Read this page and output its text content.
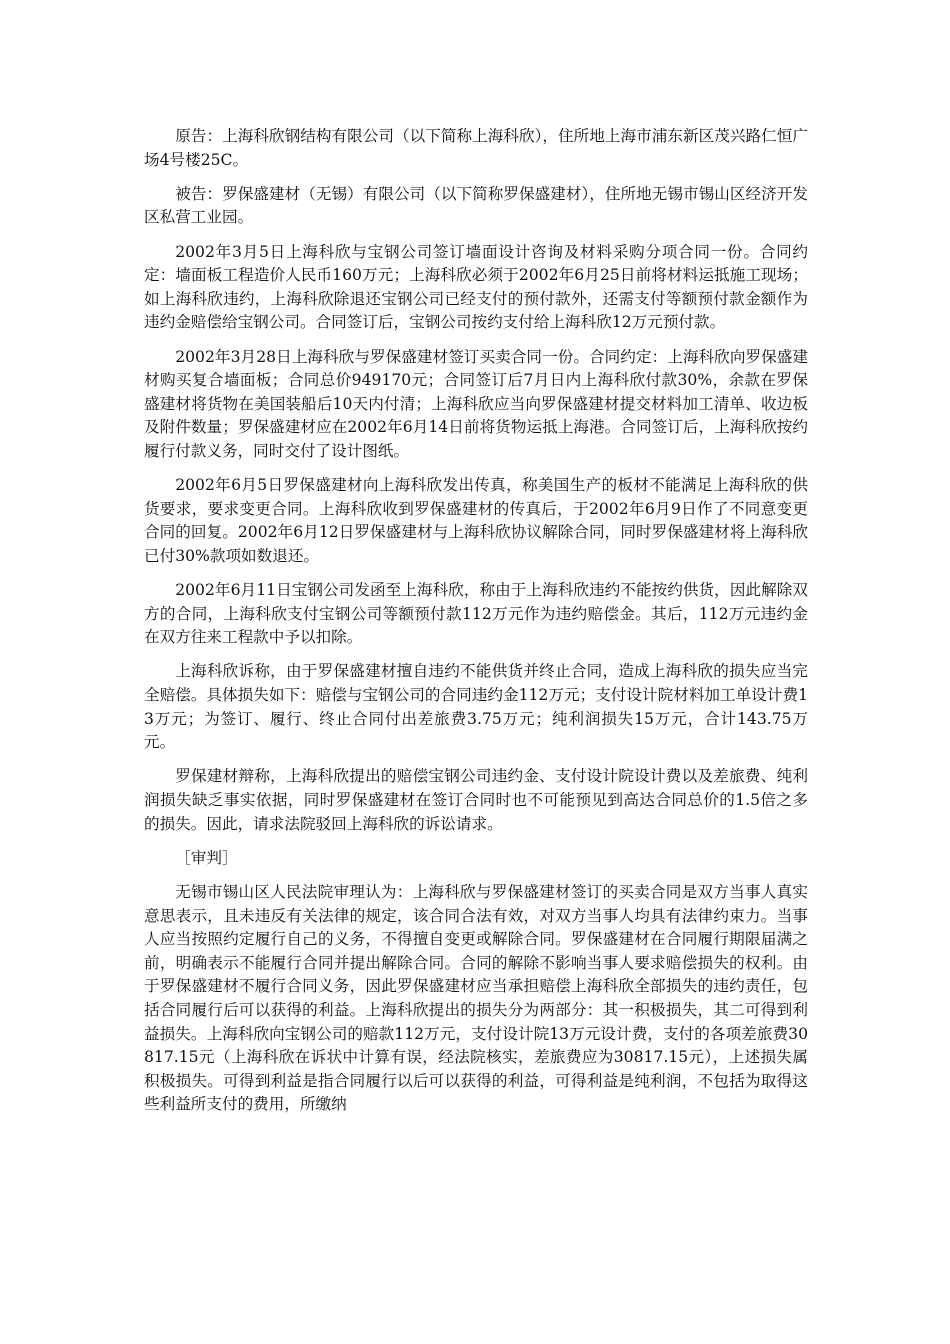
原告：上海科欣钢结构有限公司（以下简称上海科欣），住所地上海市浦东新区茂兴路仁恒广场4号楼25C。

被告：罗保盛建材（无锡）有限公司（以下简称罗保盛建材），住所地无锡市锡山区经济开发区私营工业园。

2002年3月5日上海科欣与宝钢公司签订墙面设计咨询及材料采购分项合同一份。合同约定：墙面板工程造价人民币160万元；上海科欣必须于2002年6月25日前将材料运抵施工现场；如上海科欣违约，上海科欣除退还宝钢公司已经支付的预付款外，还需支付等额预付款金额作为违约金赔偿给宝钢公司。合同签订后，宝钢公司按约支付给上海科欣12万元预付款。

2002年3月28日上海科欣与罗保盛建材签订买卖合同一份。合同约定：上海科欣向罗保盛建材购买复合墙面板；合同总价949170元；合同签订后7月日内上海科欣付款30%，余款在罗保盛建材将货物在美国装船后10天内付清；上海科欣应当向罗保盛建材提交材料加工清单、收边板及附件数量；罗保盛建材应在2002年6月14日前将货物运抵上海港。合同签订后，上海科欣按约履行付款义务，同时交付了设计图纸。

2002年6月5日罗保盛建材向上海科欣发出传真，称美国生产的板材不能满足上海科欣的供货要求，要求变更合同。上海科欣收到罗保盛建材的传真后，于2002年6月9日作了不同意变更合同的回复。2002年6月12日罗保盛建材与上海科欣协议解除合同，同时罗保盛建材将上海科欣已付30%款项如数退还。

2002年6月11日宝钢公司发函至上海科欣，称由于上海科欣违约不能按约供货，因此解除双方的合同，上海科欣支付宝钢公司等额预付款112万元作为违约赔偿金。其后，112万元违约金在双方往来工程款中予以扣除。

上海科欣诉称，由于罗保盛建材擅自违约不能供货并终止合同，造成上海科欣的损失应当完全赔偿。具体损失如下：赔偿与宝钢公司的合同违约金112万元；支付设计院材料加工单设计费13万元；为签订、履行、终止合同付出差旅费3.75万元；纯利润损失15万元，合计143.75万元。

罗保建材辩称，上海科欣提出的赔偿宝钢公司违约金、支付设计院设计费以及差旅费、纯利润损失缺乏事实依据，同时罗保盛建材在签订合同时也不可能预见到高达合同总价的1.5倍之多的损失。因此，请求法院驳回上海科欣的诉讼请求。

［审判］

无锡市锡山区人民法院审理认为：上海科欣与罗保盛建材签订的买卖合同是双方当事人真实意思表示，且未违反有关法律的规定，该合同合法有效，对双方当事人均具有法律约束力。当事人应当按照约定履行自己的义务，不得擅自变更或解除合同。罗保盛建材在合同履行期限届满之前，明确表示不能履行合同并提出解除合同。合同的解除不影响当事人要求赔偿损失的权利。由于罗保盛建材不履行合同义务，因此罗保盛建材应当承担赔偿上海科欣全部损失的违约责任，包括合同履行后可以获得的利益。上海科欣提出的损失分为两部分：其一积极损失，其二可得到利益损失。上海科欣向宝钢公司的赔款112万元，支付设计院13万元设计费，支付的各项差旅费30817.15元（上海科欣在诉状中计算有误，经法院核实，差旅费应为30817.15元），上述损失属积极损失。可得到利益是指合同履行以后可以获得的利益，可得利益是纯利润，不包括为取得这些利益所支付的费用，所缴纳
